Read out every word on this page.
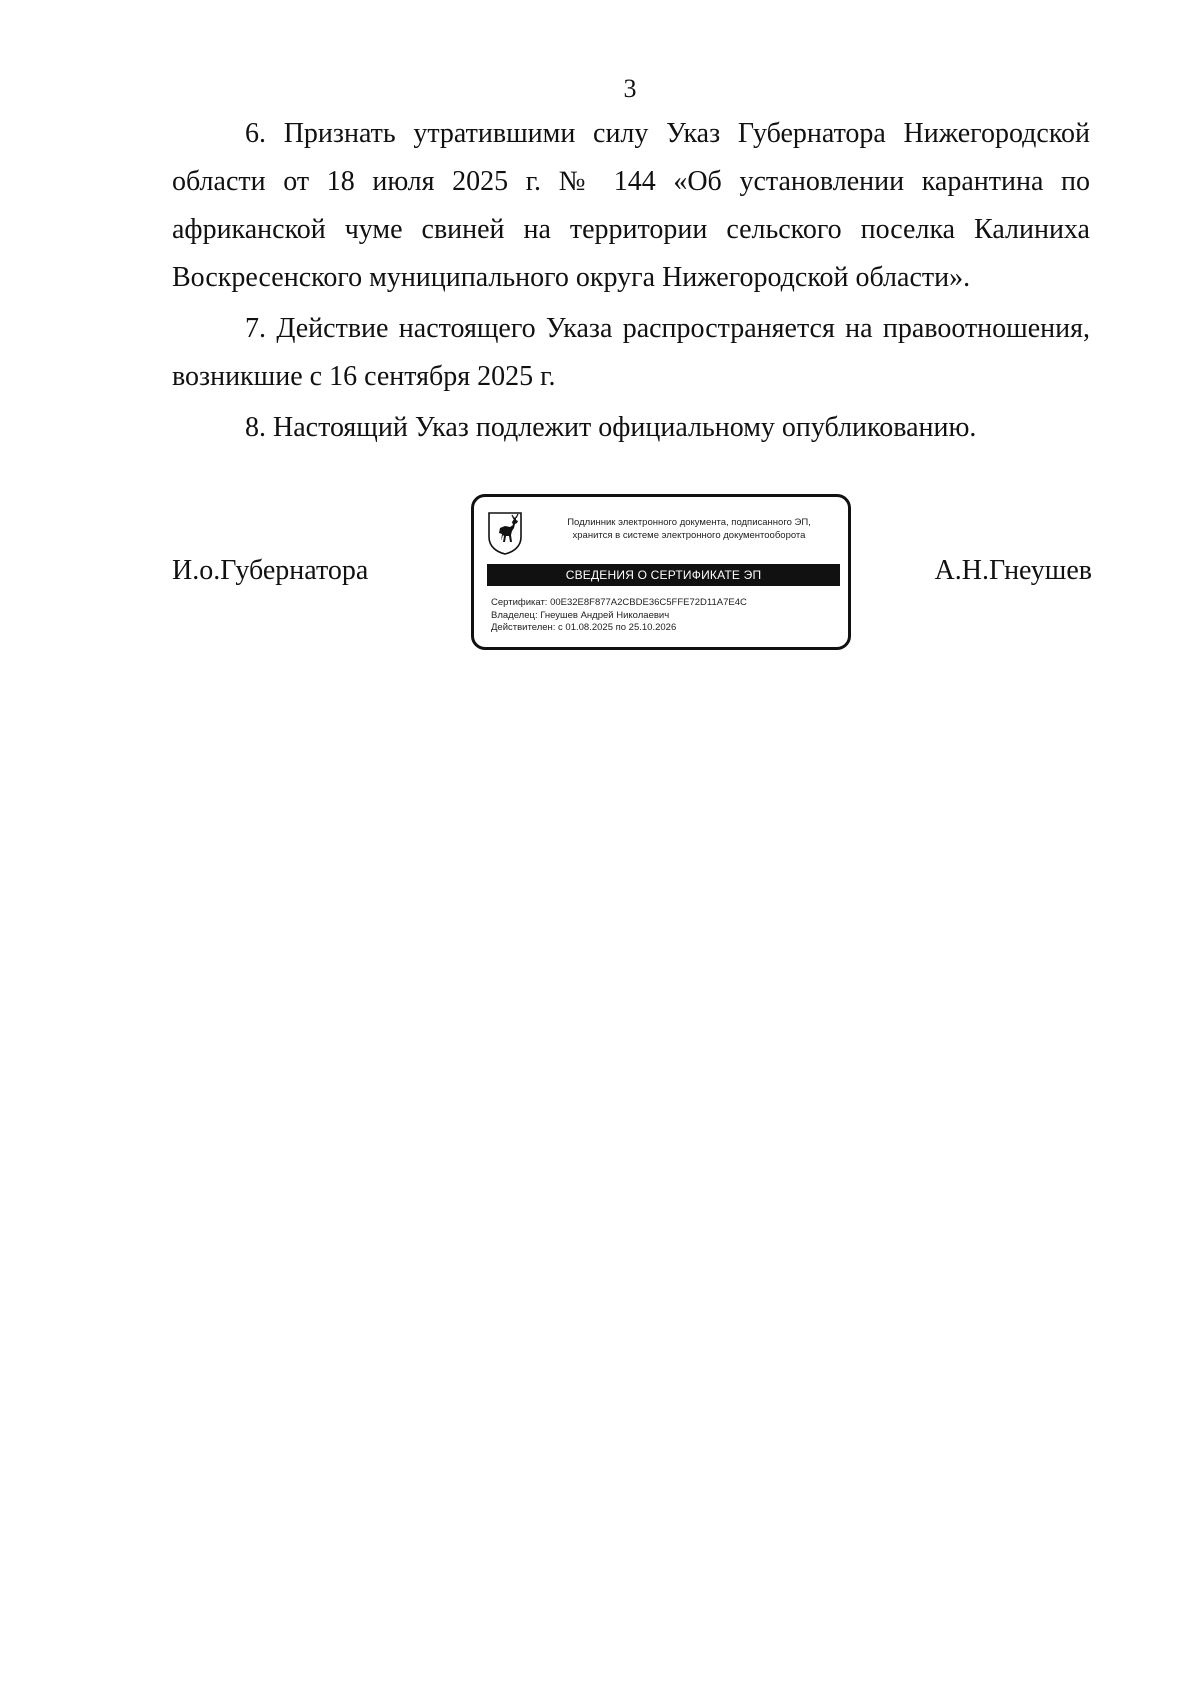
3

6. Признать утратившими силу Указ Губернатора Нижегородской области от 18 июля 2025 г. № 144 «Об установлении карантина по африканской чуме свиней на территории сельского поселка Калиниха Воскресенского муниципального округа Нижегородской области».

7. Действие настоящего Указа распространяется на правоотношения, возникшие с 16 сентября 2025 г.

8. Настоящий Указ подлежит официальному опубликованию.

И.о.Губернатора
Подлинник электронного документа, подписанного ЭП,
хранится в системе электронного документооборота
СВЕДЕНИЯ О СЕРТИФИКАТЕ ЭП
Сертификат: 00E32E8F877A2CBDE36C5FFE72D11A7E4C
Владелец: Гнеушев Андрей Николаевич
Действителен: с 01.08.2025 по 25.10.2026
А.Н.Гнеушев
